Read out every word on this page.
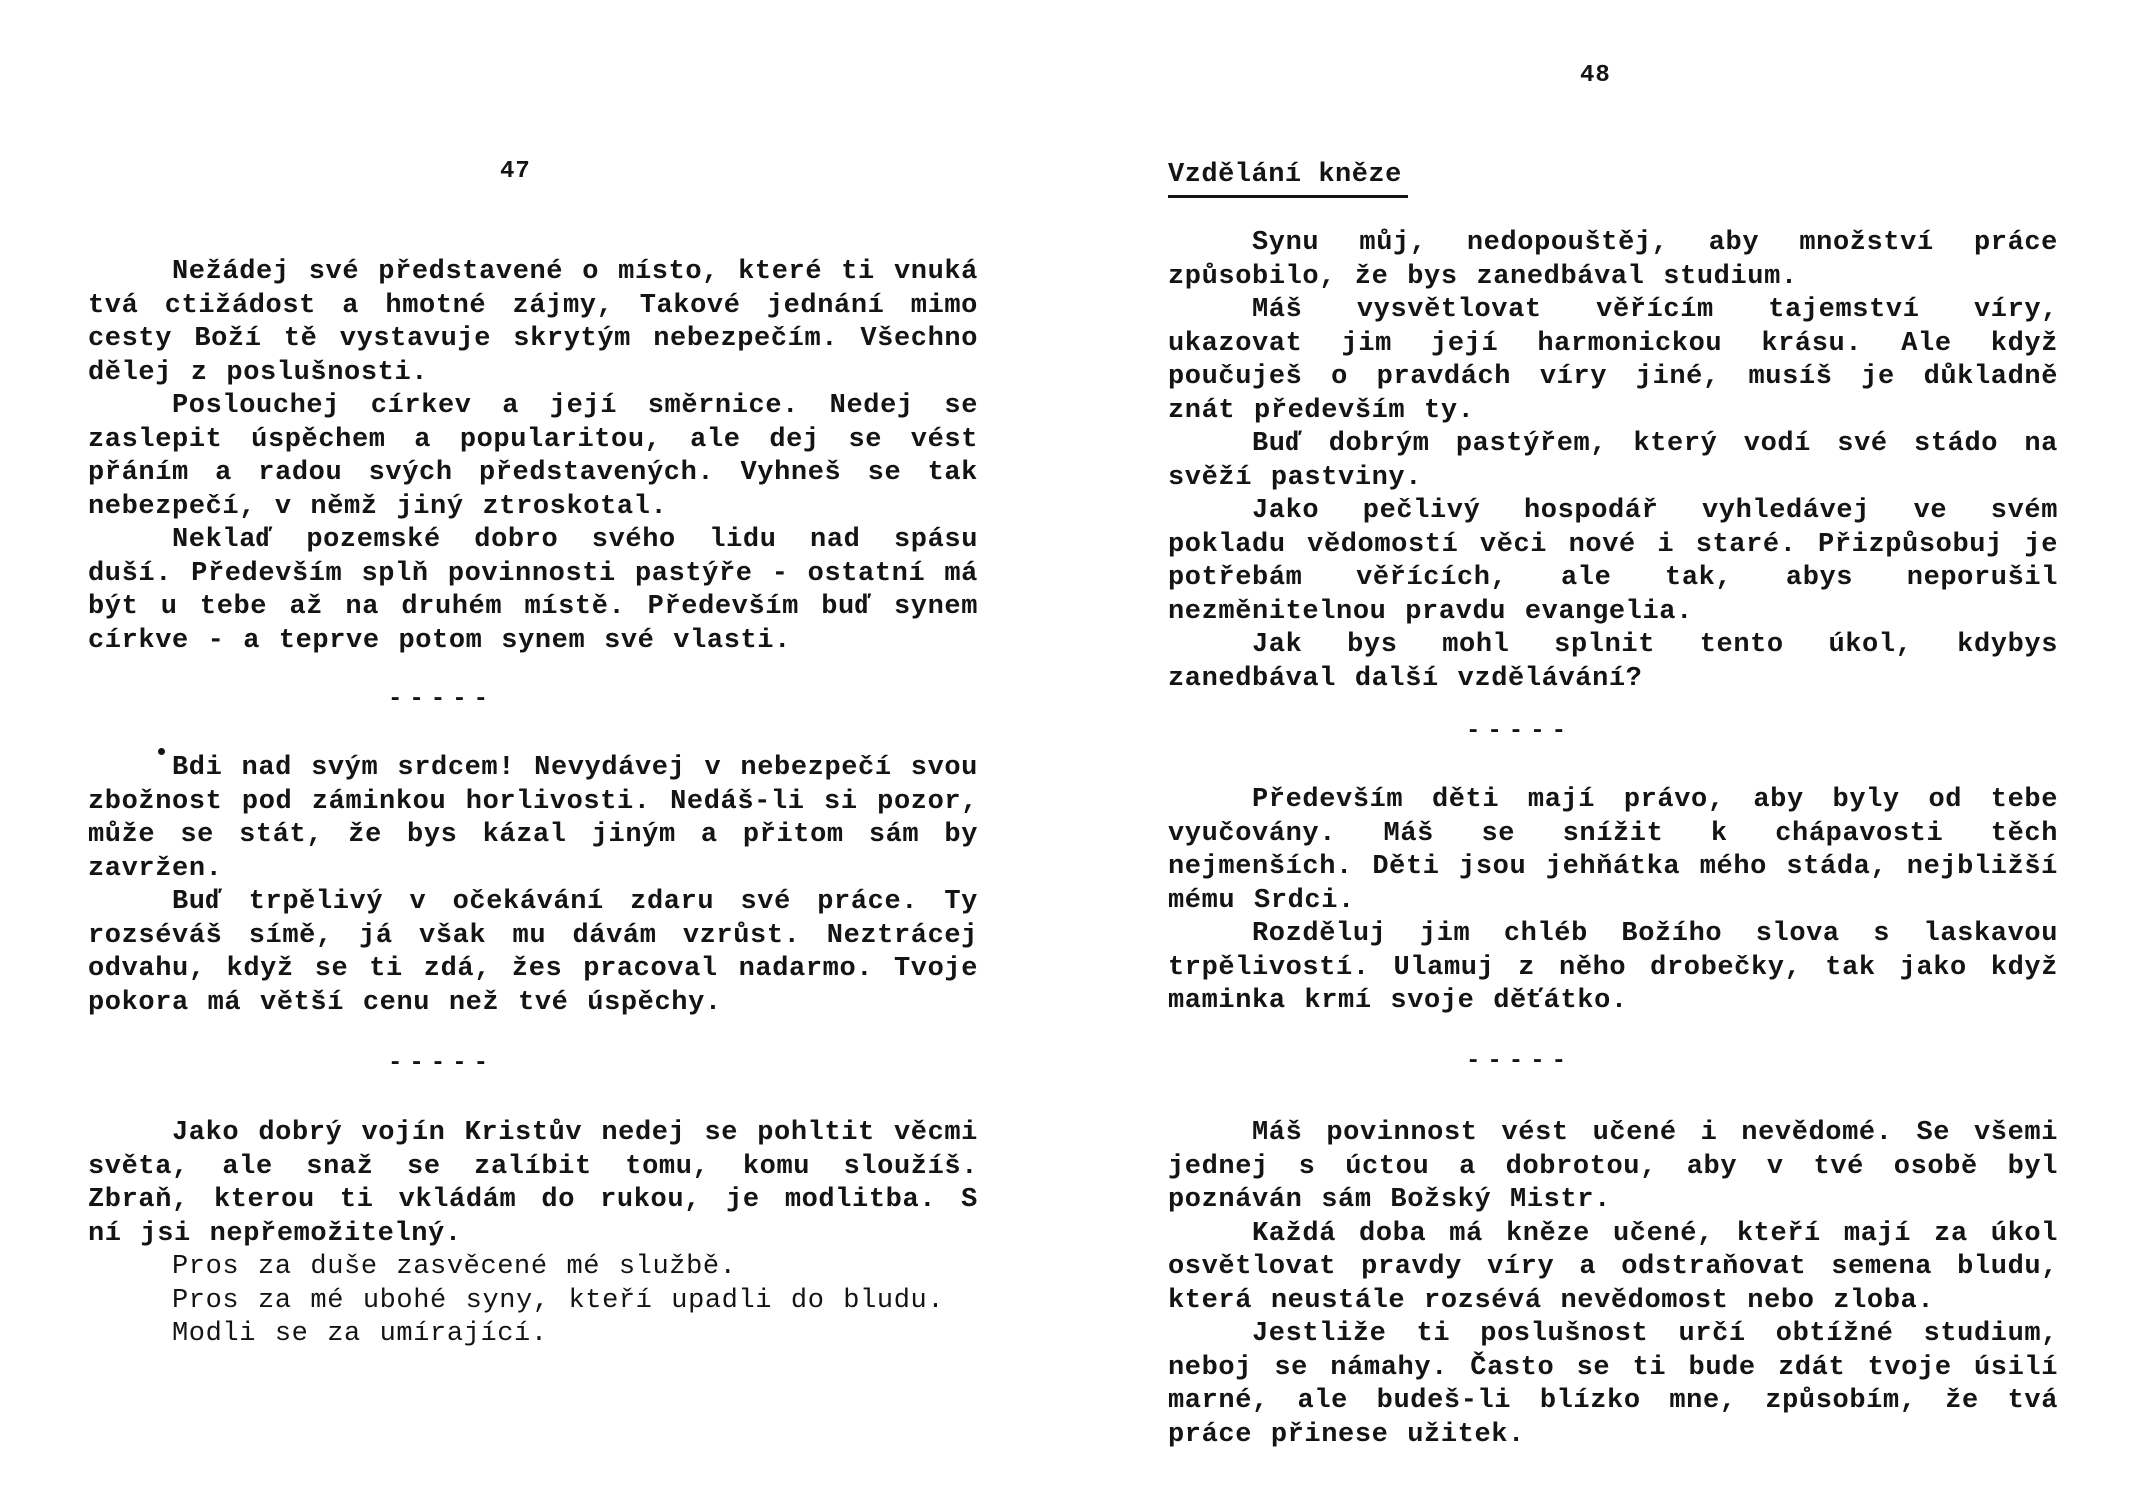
47

Nežádej své představené o místo, které ti vnuká tvá ctižádost a hmotné zájmy, Takové jednání mimo cesty Boží tě vystavuje skrytým nebezpečím. Všechno dělej z poslušnosti.

Poslouchej církev a její směrnice. Nedej se zaslepit úspěchem a popularitou, ale dej se vést přáním a radou svých představených. Vyhneš se tak nebezpečí, v němž jiný ztroskotal.

Neklaď pozemské dobro svého lidu nad spásu duší. Především splň povinnosti pastýře - ostatní má být u tebe až na druhém místě. Především buď synem církve - a teprve potom synem své vlasti.

-----

Bdi nad svým srdcem! Nevydávej v nebezpečí svou zbožnost pod záminkou horlivosti. Nedáš-li si pozor, může se stát, že bys kázal jiným a přitom sám by zavržen.

Buď trpělivý v očekávání zdaru své práce. Ty rozséváš símě, já však mu dávám vzrůst. Neztrácej odvahu, když se ti zdá, žes pracoval nadarmo. Tvoje pokora má větší cenu než tvé úspěchy.

-----

Jako dobrý vojín Kristův nedej se pohltit věcmi světa, ale snaž se zalíbit tomu, komu sloužíš. Zbraň, kterou ti vkládám do rukou, je modlitba. S ní jsi nepřemožitelný.

Pros za duše zasvěcené mé službě.

Pros za mé ubohé syny, kteří upadli do bludu.

Modli se za umírající.

48
Vzdělání kněze

Synu můj, nedopouštěj, aby množství práce způsobilo, že bys zanedbával studium.

Máš vysvětlovat věřícím tajemství víry, ukazovat jim její harmonickou krásu. Ale když poučuješ o pravdách víry jiné, musíš je důkladně znát především ty.

Buď dobrým pastýřem, který vodí své stádo na svěží pastviny.

Jako pečlivý hospodář vyhledávej ve svém pokladu vědomostí věci nové i staré. Přizpůsobuj je potřebám věřících, ale tak, abys neporušil nezměnitelnou pravdu evangelia.

Jak bys mohl splnit tento úkol, kdybys zanedbával další vzdělávání?

-----

Především děti mají právo, aby byly od tebe vyučovány. Máš se snížit k chápavosti těch nejmenších. Děti jsou jehňátka mého stáda, nejbližší mému Srdci.

Rozděluj jim chléb Božího slova s laskavou trpělivostí. Ulamuj z něho drobečky, tak jako když maminka krmí svoje děťátko.

-----

Máš povinnost vést učené i nevědomé. Se všemi jednej s úctou a dobrotou, aby v tvé osobě byl poznáván sám Božský Mistr.

Každá doba má kněze učené, kteří mají za úkol osvětlovat pravdy víry a odstraňovat semena bludu, která neustále rozsévá nevědomost nebo zloba.

Jestliže ti poslušnost určí obtížné studium, neboj se námahy. Často se ti bude zdát tvoje úsilí marné, ale budeš-li blízko mne, způsobím, že tvá práce přinese užitek.
